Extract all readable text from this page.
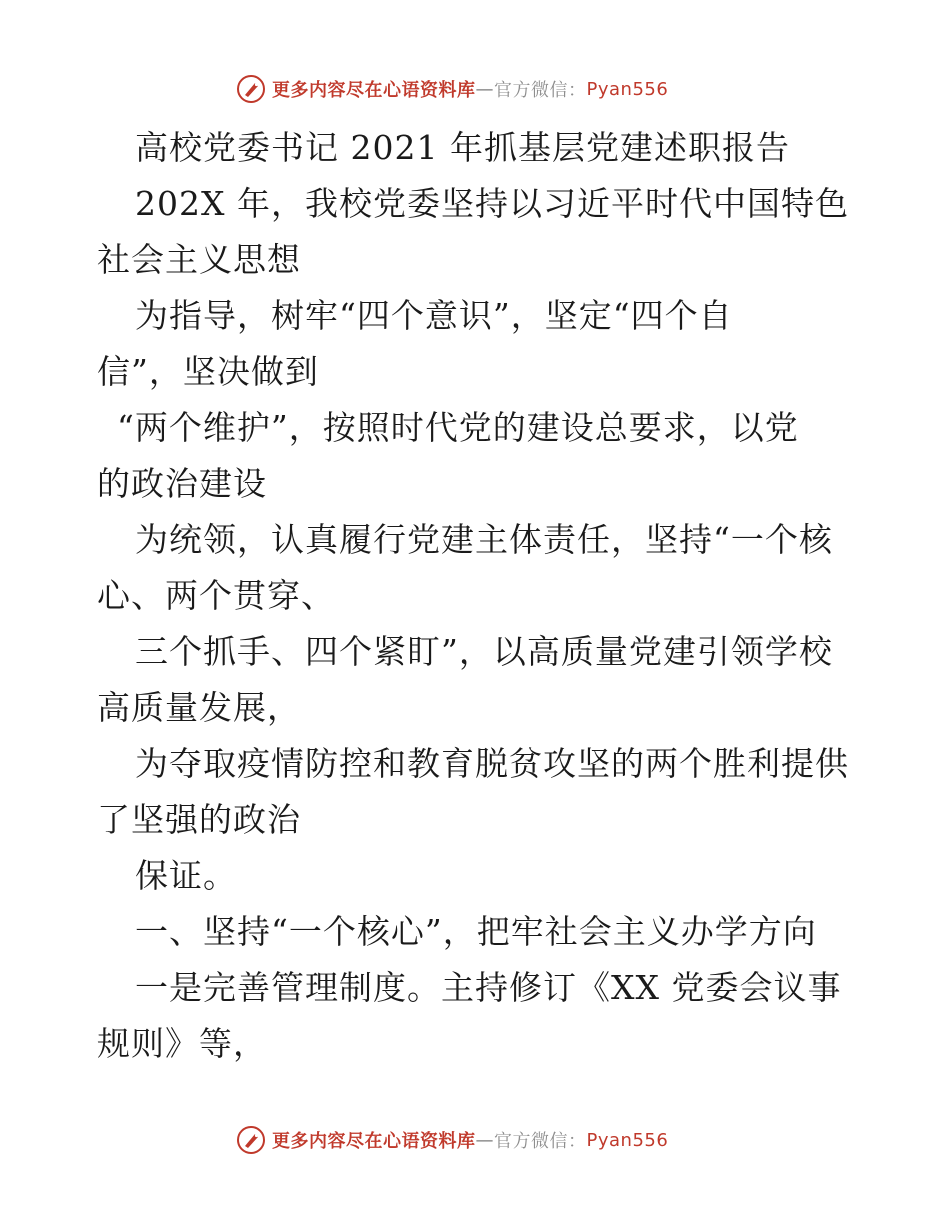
更多内容尽在心语资料库 — 官方微信： Pyan556
高校党委书记 2021 年抓基层党建述职报告
202X 年，我校党委坚持以习近平时代中国特色
社会主义思想
为指导，树牢“四个意识”，坚定“四个自
信”，坚决做到
“两个维护”，按照时代党的建设总要求，以党
的政治建设
为统领，认真履行党建主体责任，坚持“一个核
心、两个贯穿、
三个抓手、四个紧盯”，以高质量党建引领学校
高质量发展，
为夺取疫情防控和教育脱贫攻坚的两个胜利提供
了坚强的政治
保证。
一、坚持“一个核心”，把牢社会主义办学方向
一是完善管理制度。主持修订《XX 党委会议事
规则》等，
更多内容尽在心语资料库 — 官方微信： Pyan556
